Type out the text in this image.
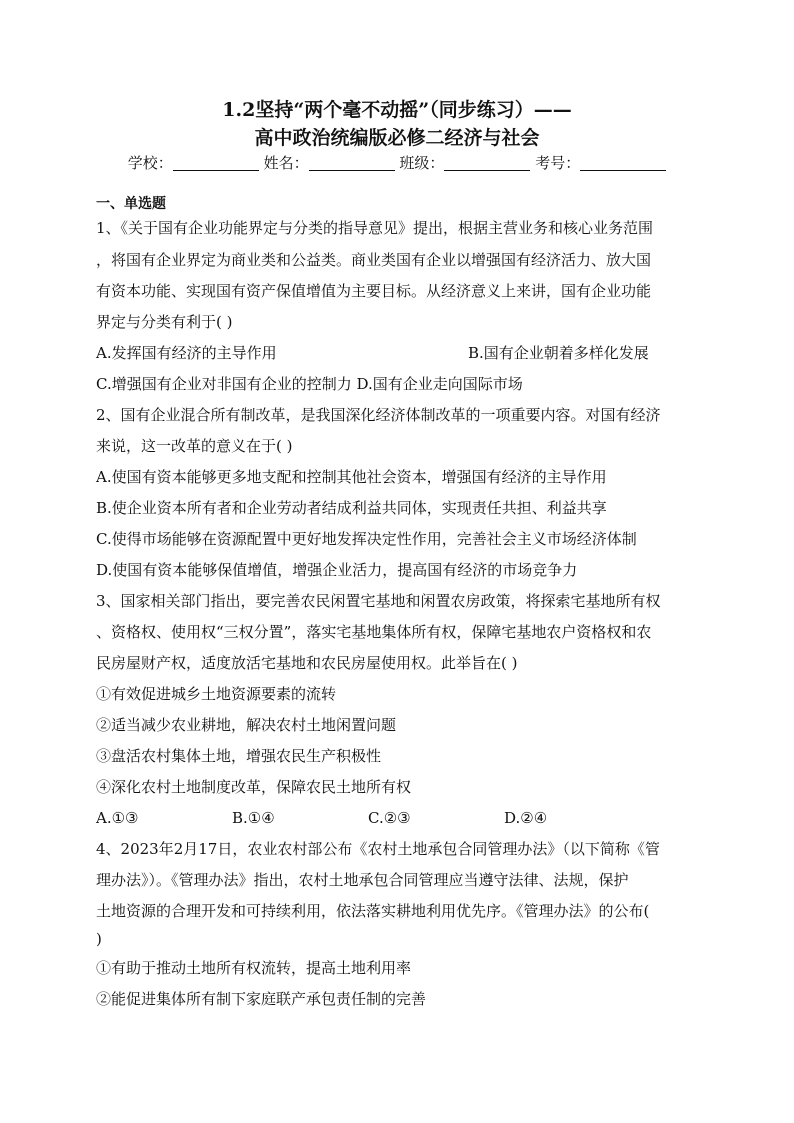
1.2坚持“两个毫不动摇”（同步练习）——
高中政治统编版必修二经济与社会
学校：	姓名：	班级：	考号：
一、单选题
1、《关于国有企业功能界定与分类的指导意见》提出，根据主营业务和核心业务范围
，将国有企业界定为商业类和公益类。商业类国有企业以增强国有经济活力、放大国
有资本功能、实现国有资产保值增值为主要目标。从经济意义上来讲，国有企业功能
界定与分类有利于( )
A.发挥国有经济的主导作用	B.国有企业朝着多样化发展
C.增强国有企业对非国有企业的控制力 D.国有企业走向国际市场
2、国有企业混合所有制改革，是我国深化经济体制改革的一项重要内容。对国有经济
来说，这一改革的意义在于( )
A.使国有资本能够更多地支配和控制其他社会资本，增强国有经济的主导作用
B.使企业资本所有者和企业劳动者结成利益共同体，实现责任共担、利益共享
C.使得市场能够在资源配置中更好地发挥决定性作用，完善社会主义市场经济体制
D.使国有资本能够保值增值，增强企业活力，提高国有经济的市场竞争力
3、国家相关部门指出，要完善农民闲置宅基地和闲置农房政策，将探索宅基地所有权
、资格权、使用权“三权分置”，落实宅基地集体所有权，保障宅基地农户资格权和农
民房屋财产权，适度放活宅基地和农民房屋使用权。此举旨在( )
①有效促进城乡土地资源要素的流转
②适当减少农业耕地，解决农村土地闲置问题
③盘活农村集体土地，增强农民生产积极性
④深化农村土地制度改革，保障农民土地所有权
A.①③	B.①④	C.②③	D.②④
4、2023年2月17日，农业农村部公布《农村土地承包合同管理办法》（以下简称《管
理办法》）。《管理办法》指出，农村土地承包合同管理应当遵守法律、法规，保护
土地资源的合理开发和可持续利用，依法落实耕地利用优先序。《管理办法》的公布(
)
①有助于推动土地所有权流转，提高土地利用率
②能促进集体所有制下家庭联产承包责任制的完善
